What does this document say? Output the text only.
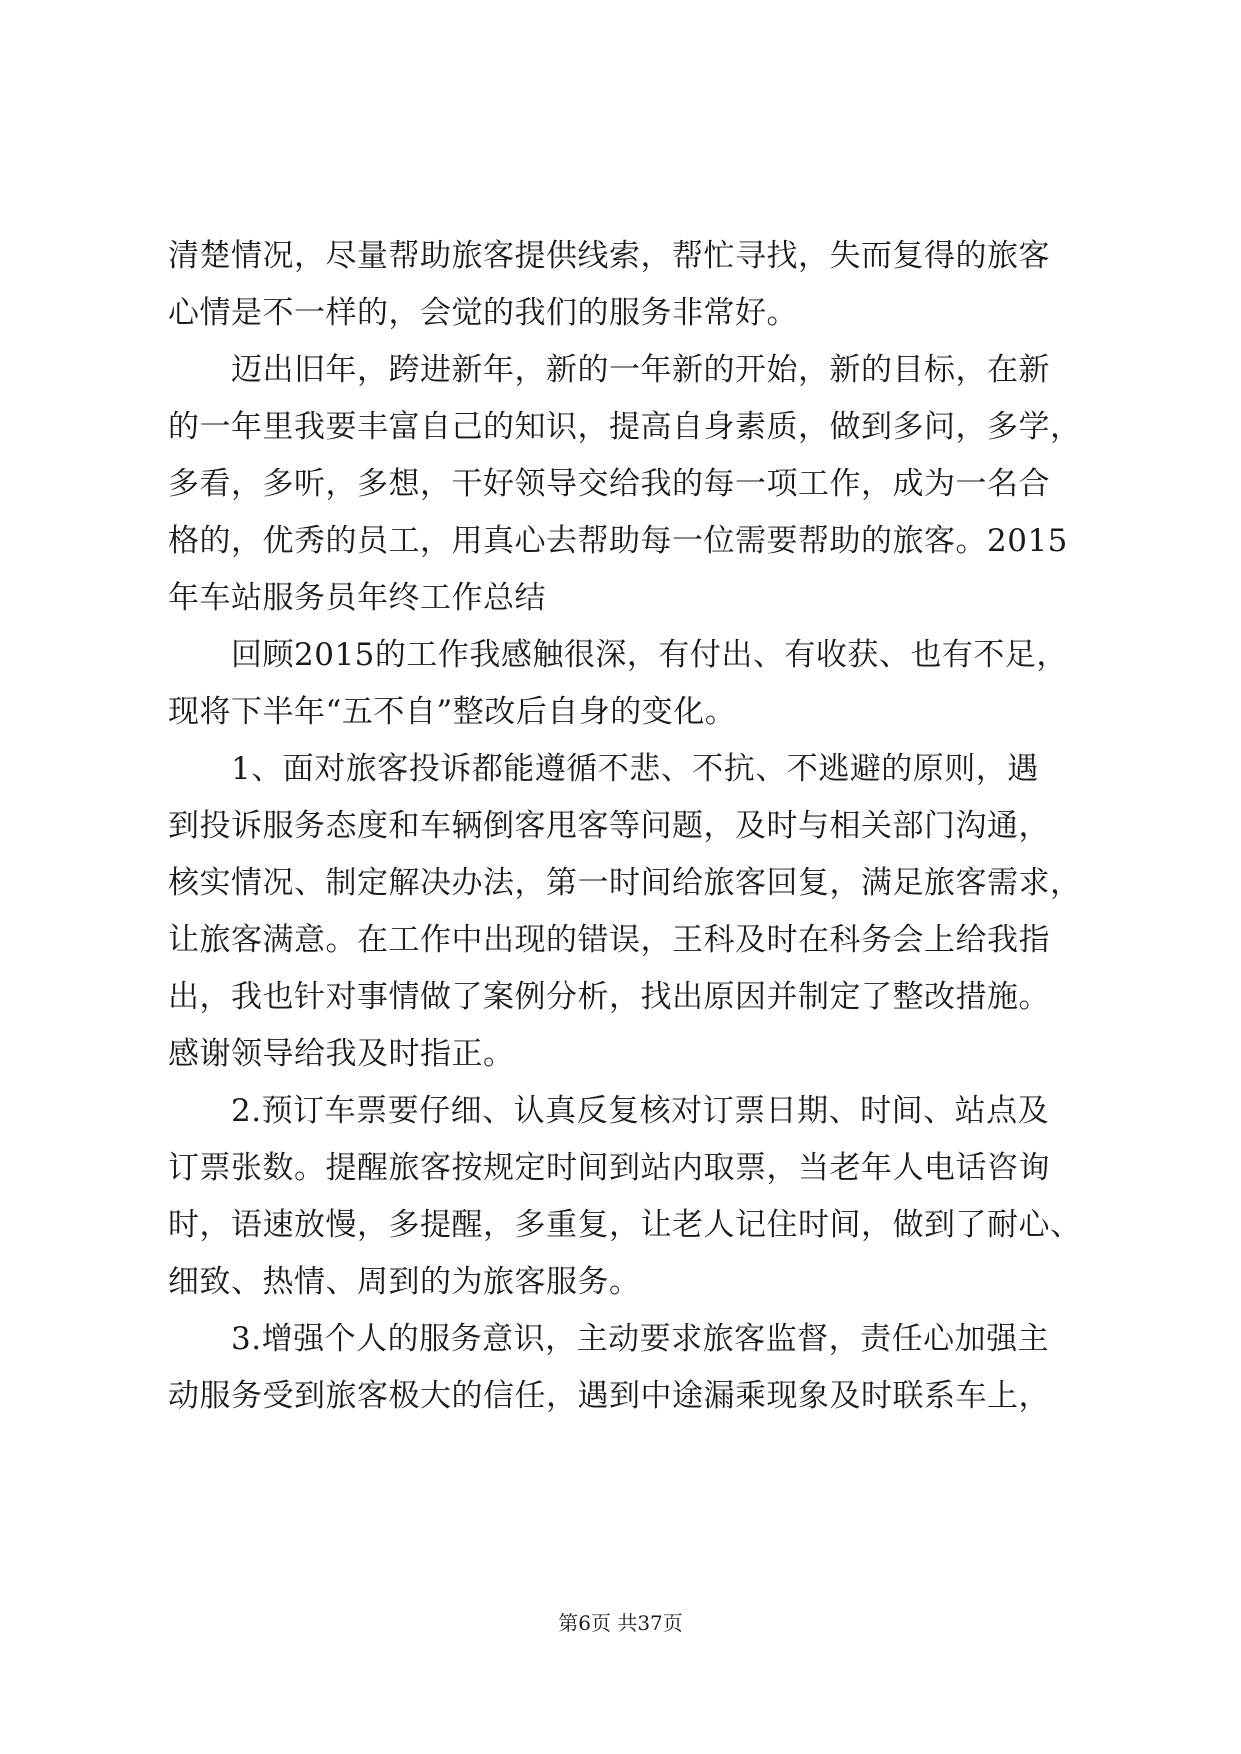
清楚情况，尽量帮助旅客提供线索，帮忙寻找，失而复得的旅客
心情是不一样的，会觉的我们的服务非常好。
　　迈出旧年，跨进新年，新的一年新的开始，新的目标，在新
的一年里我要丰富自己的知识，提高自身素质，做到多问，多学，
多看，多听，多想，干好领导交给我的每一项工作，成为一名合
格的，优秀的员工，用真心去帮助每一位需要帮助的旅客。2015
年车站服务员年终工作总结
　　回顾2015的工作我感触很深，有付出、有收获、也有不足，
现将下半年“五不自”整改后自身的变化。
　　1、面对旅客投诉都能遵循不悲、不抗、不逃避的原则，遇
到投诉服务态度和车辆倒客甩客等问题，及时与相关部门沟通，
核实情况、制定解决办法，第一时间给旅客回复，满足旅客需求，
让旅客满意。在工作中出现的错误，王科及时在科务会上给我指
出，我也针对事情做了案例分析，找出原因并制定了整改措施。
感谢领导给我及时指正。
　　2.预订车票要仔细、认真反复核对订票日期、时间、站点及
订票张数。提醒旅客按规定时间到站内取票，当老年人电话咨询
时，语速放慢，多提醒，多重复，让老人记住时间，做到了耐心、
细致、热情、周到的为旅客服务。
　　3.增强个人的服务意识，主动要求旅客监督，责任心加强主
动服务受到旅客极大的信任，遇到中途漏乘现象及时联系车上，
第6页 共37页
